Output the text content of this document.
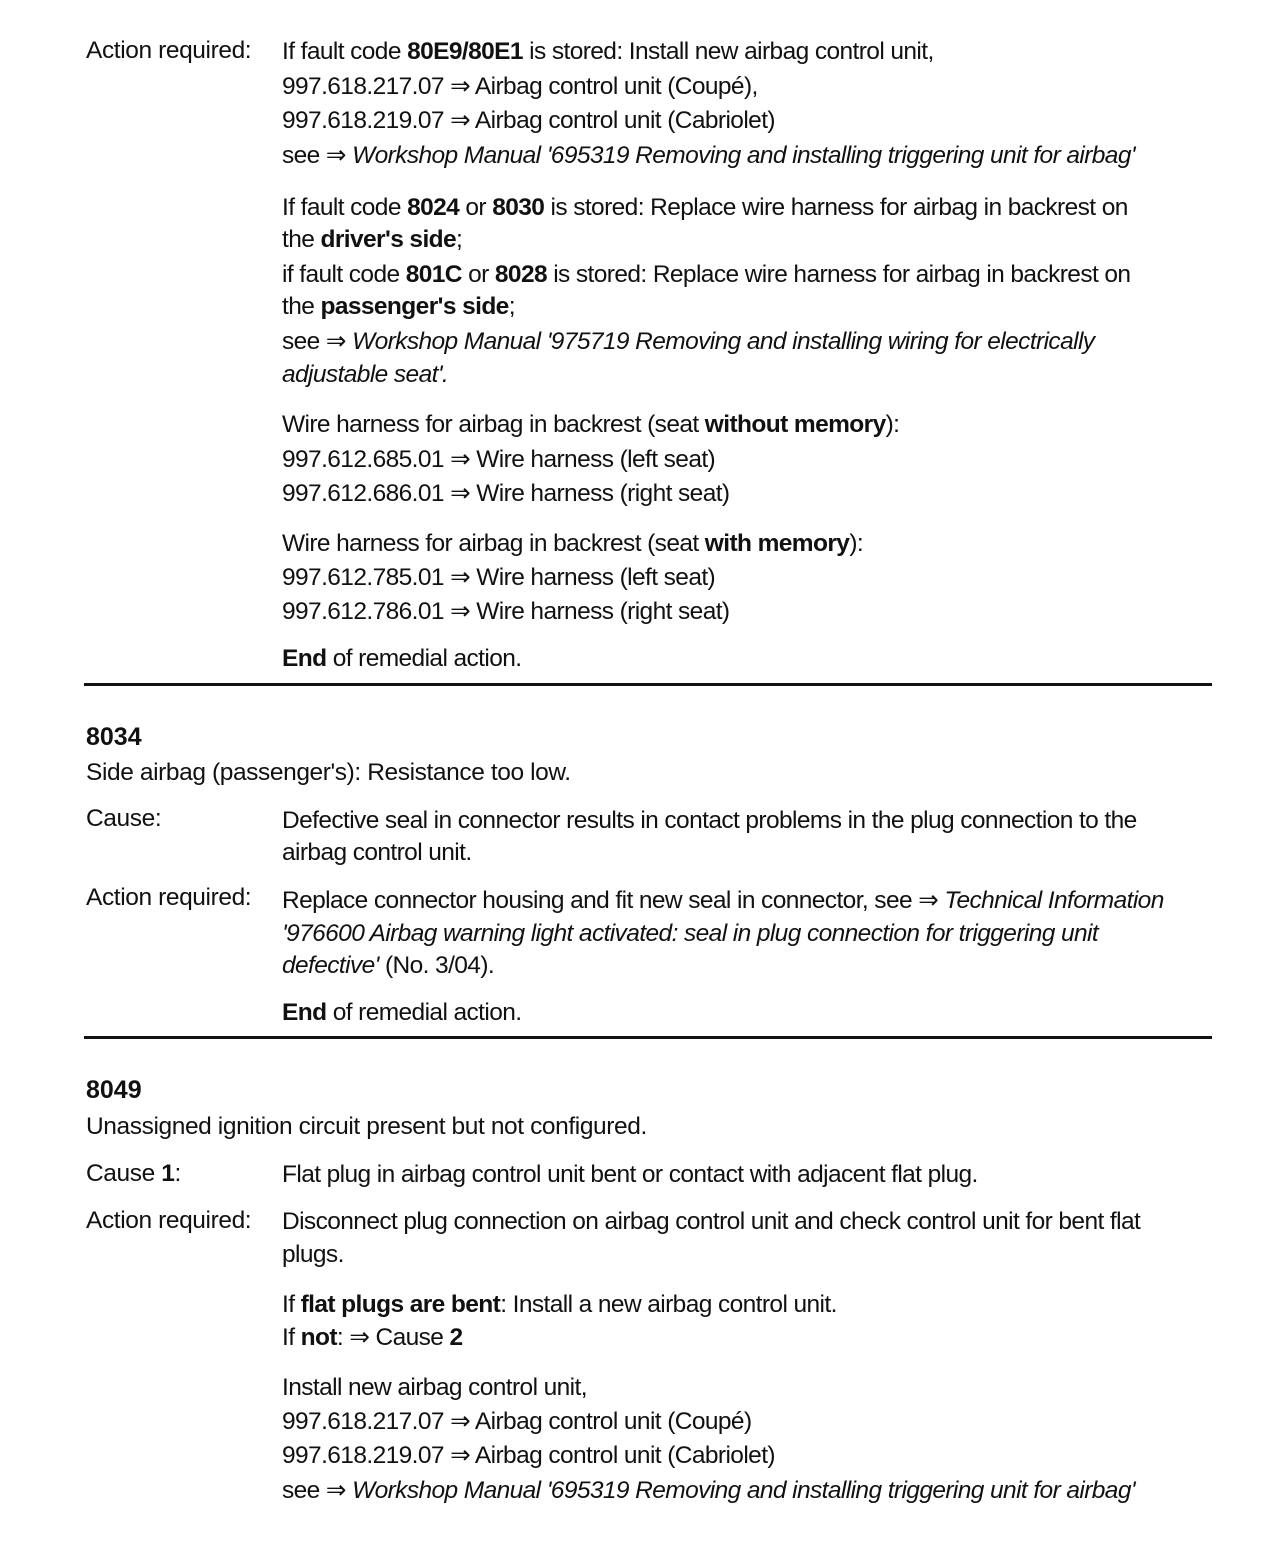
Action required: If fault code 80E9/80E1 is stored: Install new airbag control unit,
997.618.217.07 ⇒ Airbag control unit (Coupé),
997.618.219.07 ⇒ Airbag control unit (Cabriolet)
see ⇒ Workshop Manual '695319 Removing and installing triggering unit for airbag'
If fault code 8024 or 8030 is stored: Replace wire harness for airbag in backrest on
the driver's side;
if fault code 801C or 8028 is stored: Replace wire harness for airbag in backrest on
the passenger's side;
see ⇒ Workshop Manual '975719 Removing and installing wiring for electrically
adjustable seat'.
Wire harness for airbag in backrest (seat without memory):
997.612.685.01 ⇒ Wire harness (left seat)
997.612.686.01 ⇒ Wire harness (right seat)
Wire harness for airbag in backrest (seat with memory):
997.612.785.01 ⇒ Wire harness (left seat)
997.612.786.01 ⇒ Wire harness (right seat)
End of remedial action.
8034
Side airbag (passenger's): Resistance too low.
Cause:	Defective seal in connector results in contact problems in the plug connection to the
airbag control unit.
Action required: Replace connector housing and fit new seal in connector, see ⇒ Technical Information
'976600 Airbag warning light activated: seal in plug connection for triggering unit
defective' (No. 3/04).
End of remedial action.
8049
Unassigned ignition circuit present but not configured.
Cause 1:	Flat plug in airbag control unit bent or contact with adjacent flat plug.
Action required: Disconnect plug connection on airbag control unit and check control unit for bent flat
plugs.
If flat plugs are bent: Install a new airbag control unit.
If not: ⇒ Cause 2
Install new airbag control unit,
997.618.217.07 ⇒ Airbag control unit (Coupé)
997.618.219.07 ⇒ Airbag control unit (Cabriolet)
see ⇒ Workshop Manual '695319 Removing and installing triggering unit for airbag'
